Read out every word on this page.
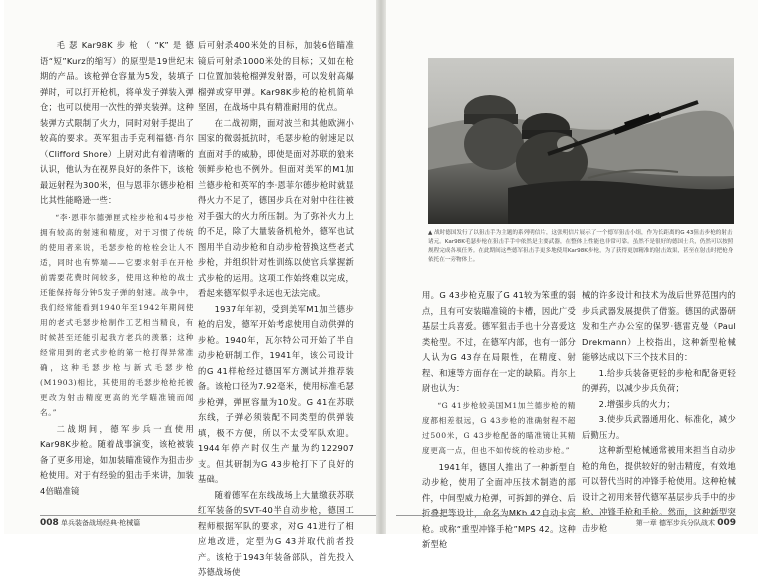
毛瑟Kar98K步枪（“K”是德语“短”Kurz的缩写）的原型是19世纪末期的产品。该枪弹仓容量为5发，装填子弹时，可以打开枪机，将单发子弹装入弹仓；也可以使用一次性的弹夹装弹。这种装弹方式限制了火力，同时对射手提出了较高的要求。英军狙击手克利福德·肖尔（Clifford Shore）上尉对此有着清晰的认识，他认为在视界良好的条件下，该枪最远射程为300米，但与恩菲尔德步枪相比其性能略逊一些：

“李·恩菲尔德弹匣式栓步枪和4号步枪拥有较高的射速和精度，对于习惯了传统的使用者来说，毛瑟步枪的枪栓会让人不适，同时也有弊端——它要求射手在开枪前需要花费时间较多，使用这种枪的战士还能保持每分钟5发子弹的射速。战争中，我们经常能看到1940年至1942年期间使用的老式毛瑟步枪制作工艺相当精良，有时候甚至还能引起我方老兵的羡慕；这种经常用到的老式步枪的第一枪打得异常准确，这种毛瑟步枪与新式毛瑟步枪(M1903)相比，其使用的毛瑟步枪枪托被更改为射击精度更高的光学瞄准镜而闻名。”

二战期间，德军步兵一直使用Kar98K步枪。随着战事演变，该枪被装备了更多用途，如加装瞄准镜作为狙击步枪使用。对于有经验的狙击手来讲，加装4倍瞄准镜

后可射杀400米处的目标，加装6倍瞄准镜后可射杀1000米处的目标；又如在枪口位置加装枪榴弹发射器，可以发射高爆榴弹或穿甲弹。Kar98K步枪的枪机简单坚固，在战场中具有精准耐用的优点。

在二战初期，面对波兰和其他欧洲小国家的微弱抵抗时，毛瑟步枪的射速足以直面对手的威胁，即使是面对苏联的狼来领鲜步枪也不例外。但面对美军的M1加兰德步枪和英军的李·恩菲尔德步枪时就显得火力不足了，德国步兵在对射中往往被对手强大的火力所压制。为了弥补火力上的不足，除了大量装备机枪外，德军也试图用半自动步枪和自动步枪替换这些老式步枪，并组织针对性训练以使官兵掌握新式步枪的运用。这项工作始终难以完成，看起来德军似乎永远也无法完成。

1937年年初，受到美军M1加兰德步枪的启发，德军开始考虑使用自动供弹的步枪。1940年，瓦尔特公司开始了半自动步枪研制工作，1941年，该公司设计的G 41样枪经过德国军方测试并推荐装备。该枪口径为7.92毫米，使用标准毛瑟步枪弹，弹匣容量为10发。G 41在苏联东线，子弹必须装配不同类型的供弹装填，极不方便，所以不太受军队欢迎。1944年停产时仅生产量为约122907支。但其研制为G 43步枪打下了良好的基础。

随着德军在东线战场上大量缴获苏联红军装备的SVT-40半自动步枪，德国工程师根据军队的要求，对G 41进行了相应地改进，定型为G 43并取代前者投产。该枪于1943年装备部队，首先投入苏德战场使

008 单兵装备战场经典·枪械篇
▲ 战时德国发行了以狙击手为主题的系列明信片，这张明信片展示了一个德军狙击小组，作为长距离的G 43狙击步枪的射击诸元。Kar98K毛瑟步枪在狙击手手中依然是主要武器，在整体上性能也非常可靠。虽然不是很好的德国士兵，仍然可以按照规程完成各项任务。在此期间这些德军狙击手更多地使用Kar98K步枪，为了获得更加精准的射击效果，甚至在射击时把枪身依托在一旁物体上。

用。G 43步枪克服了G 41较为笨重的弱点，且有可安装瞄准镜的卡槽，因此广受基层士兵喜爱。德军狙击手也十分喜爱这类枪型。不过，在德军内部，也有一部分人认为G 43存在局限性，在精度、射程、和速等方面存在一定的缺陷。肖尔上尉也认为：

“G 41步枪较美国M1加兰德步枪的精度都相差很远，G 43步枪的准确射程不超过500米，G 43步枪配备的瞄准镜让其精度更高一点，但也不如传统的栓动步枪。”

1941年，德国人推出了一种新型自动步枪，使用了全面冲压技术制造的部件，中间型威力枪弹，可拆卸的弹仓、后折叠把等设计，命名为MKb 42自动卡宾枪。或称“重型冲锋手枪”MPS 42。这种新型枪

械的许多设计和技术为战后世界范围内的步兵武器发展提供了借鉴。德国的武器研发和生产办公室的保罗·德雷克曼（Paul Drekmann）上校指出，这种新型枪械能够达成以下三个技术目的：

1.给步兵装备更轻的步枪和配备更轻的弹药，以减少步兵负荷；

2.增强步兵的火力；

3.使步兵武器通用化、标准化，减少后勤压力。

这种新型枪械通常被用来担当自动步枪的角色，提供较好的射击精度，有效地可以替代当时的冲锋手枪使用。这种枪械设计之初用来替代德军基层步兵手中的步枪、冲锋手枪和手枪。然而，这种新型突击步枪	第一章 德军步兵分队战术 009
